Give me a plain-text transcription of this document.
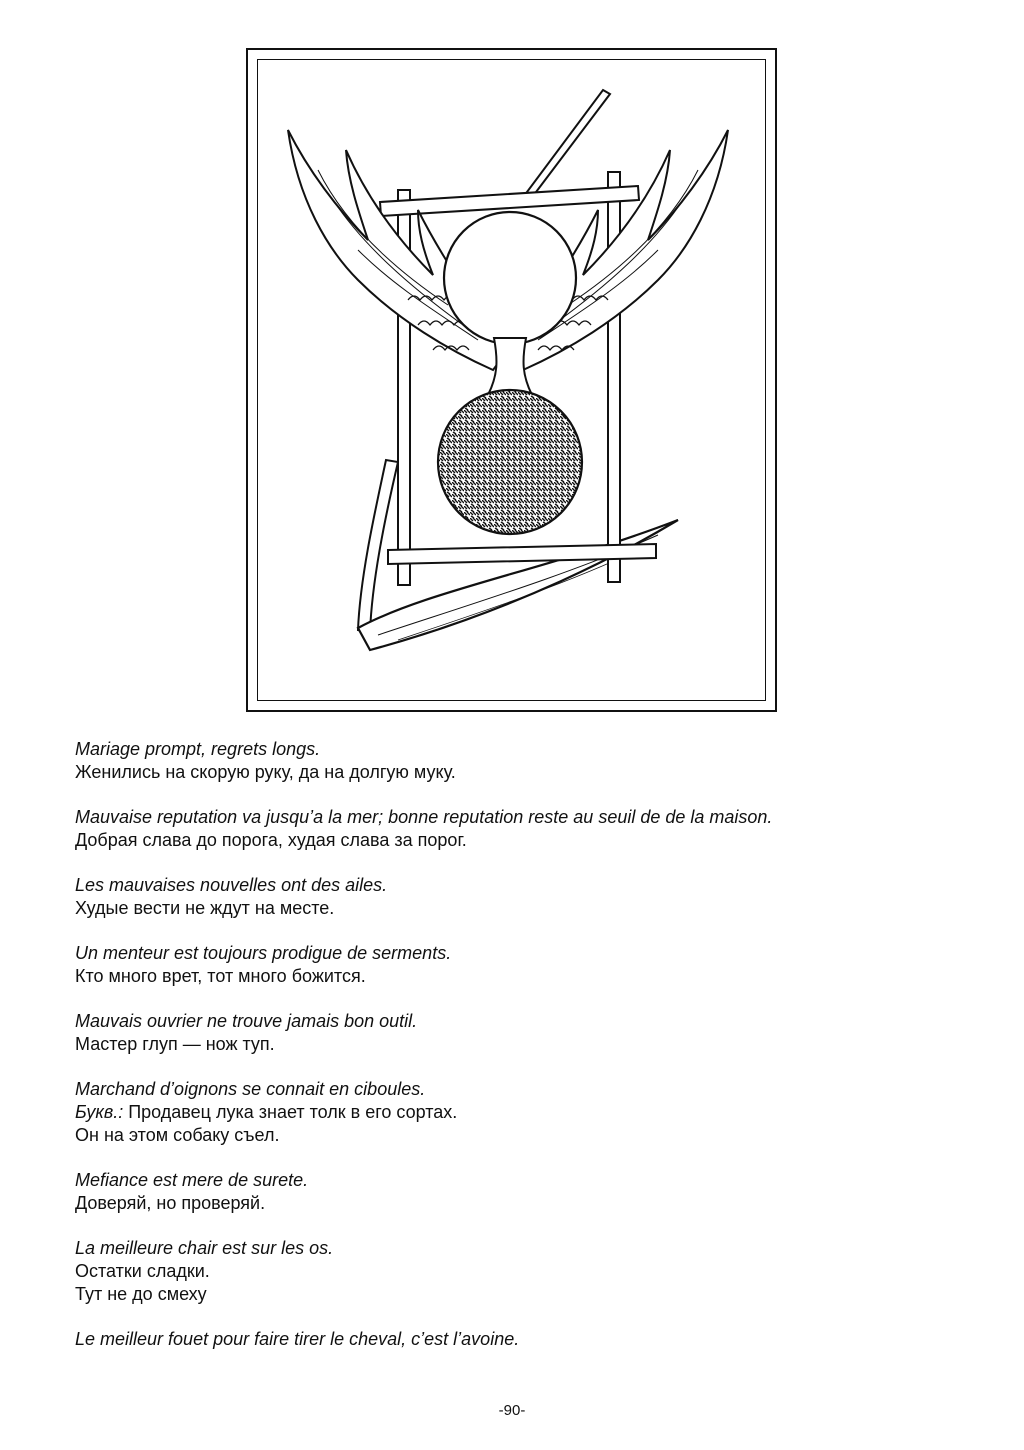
Mariage prompt, regrets longs.

Женились на скорую руку, да на долгую муку.

Mauvaise reputation va jusqu’a la mer; bonne reputation reste au seuil de de la maison.

Добрая слава до порога, худая слава за порог.

Les mauvaises nouvelles ont des ailes.

Худые вести не ждут на месте.

Un menteur est toujours prodigue de serments.

Кто много врет, тот много божится.

Mauvais ouvrier ne trouve jamais bon outil.

Мастер глуп — нож туп.

Marchand d’oignons se connait en ciboules.

Букв.: Продавец лука знает толк в его сортах.

Он на этом собаку съел.

Mefiance est mere de surete.

Доверяй, но проверяй.

La meilleure chair est sur les os.

Остатки сладки.

Тут не до смеху

Le meilleur fouet pour faire tirer le cheval, c’est l’avoine.

-90-
